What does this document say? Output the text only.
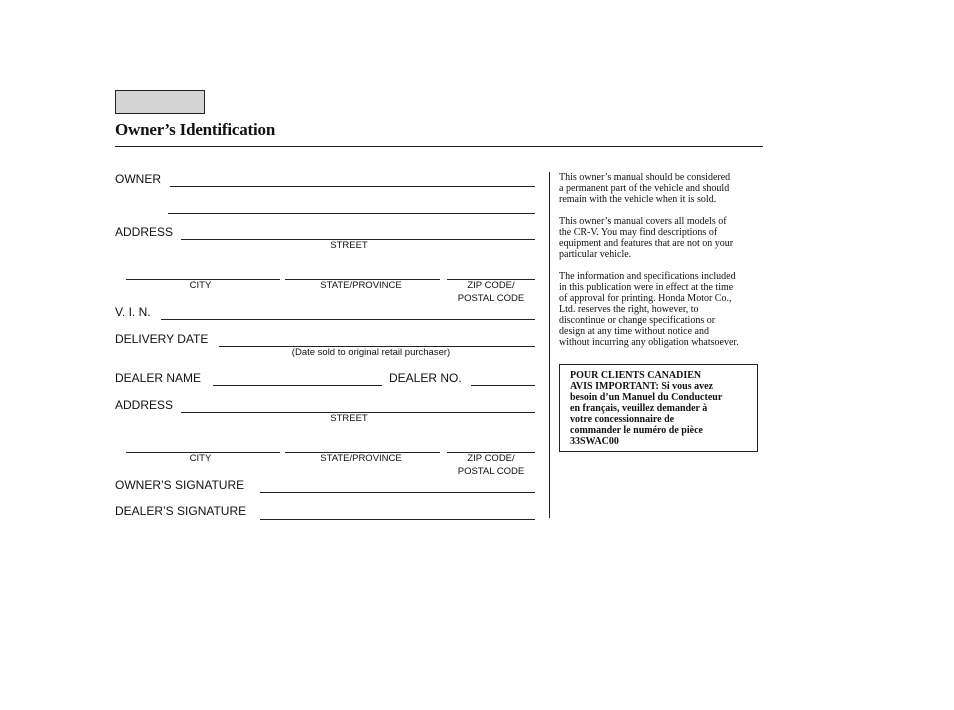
Owner’s Identification
OWNER
ADDRESS
STREET
CITY	STATE/PROVINCE	ZIP CODE/
POSTAL CODE
V. I. N.
DELIVERY DATE
(Date sold to original retail purchaser)
DEALER NAME	DEALER NO.
ADDRESS
STREET
CITY	STATE/PROVINCE	ZIP CODE/
POSTAL CODE
OWNER’S SIGNATURE
DEALER’S SIGNATURE
This owner’s manual should be considered
a permanent part of the vehicle and should
remain with the vehicle when it is sold.
This owner’s manual covers all models of
the CR-V. You may find descriptions of
equipment and features that are not on your
particular vehicle.
The information and specifications included
in this publication were in effect at the time
of approval for printing. Honda Motor Co.,
Ltd. reserves the right, however, to
discontinue or change specifications or
design at any time without notice and
without incurring any obligation whatsoever.
POUR CLIENTS CANADIEN
AVIS IMPORTANT: Si vous avez
besoin d’un Manuel du Conducteur
en français, veuillez demander à
votre concessionnaire de
commander le numéro de pièce
33SWAC00
